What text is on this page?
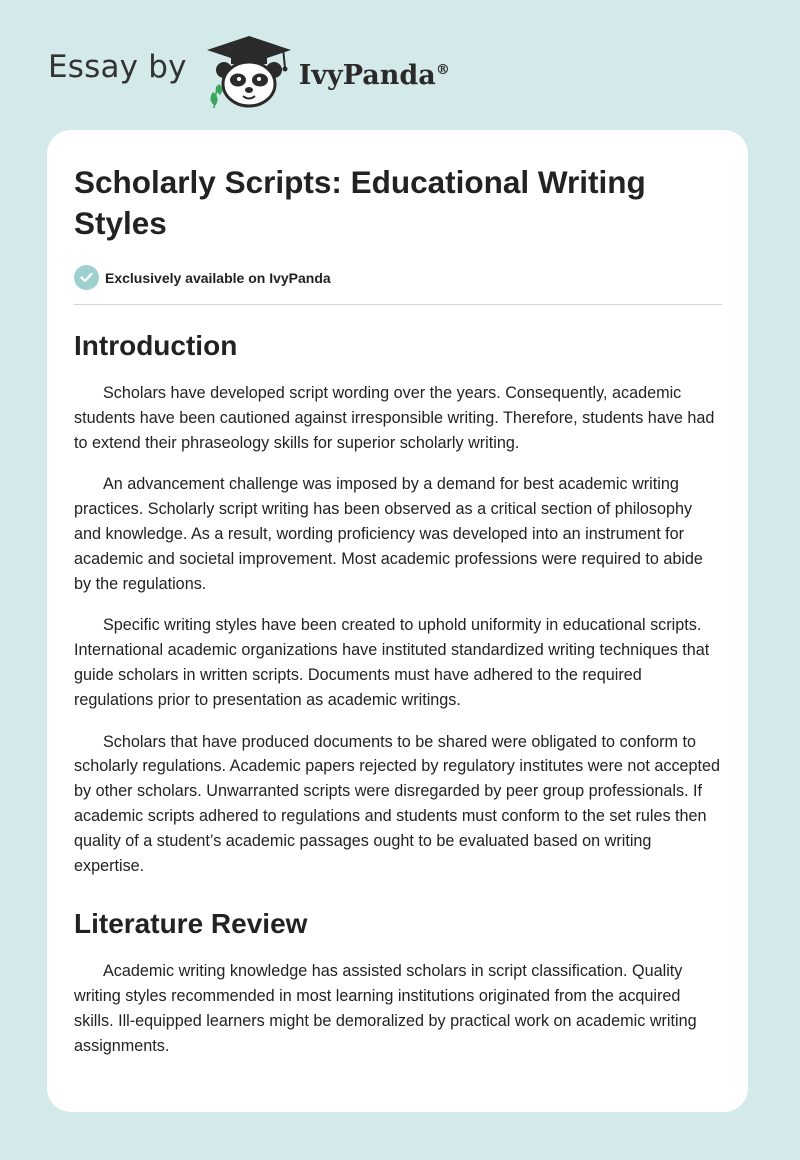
Essay by	IvyPanda®
Scholarly Scripts: Educational Writing Styles
Exclusively available on IvyPanda
Introduction

Scholars have developed script wording over the years. Consequently, academic students have been cautioned against irresponsible writing. Therefore, students have had to extend their phraseology skills for superior scholarly writing.

An advancement challenge was imposed by a demand for best academic writing practices. Scholarly script writing has been observed as a critical section of philosophy and knowledge. As a result, wording proficiency was developed into an instrument for academic and societal improvement. Most academic professions were required to abide by the regulations.

Specific writing styles have been created to uphold uniformity in educational scripts. International academic organizations have instituted standardized writing techniques that guide scholars in written scripts. Documents must have adhered to the required regulations prior to presentation as academic writings.

Scholars that have produced documents to be shared were obligated to conform to scholarly regulations. Academic papers rejected by regulatory institutes were not accepted by other scholars. Unwarranted scripts were disregarded by peer group professionals. If academic scripts adhered to regulations and students must conform to the set rules then quality of a student’s academic passages ought to be evaluated based on writing expertise.

Literature Review

Academic writing knowledge has assisted scholars in script classification. Quality writing styles recommended in most learning institutions originated from the acquired skills. Ill-equipped learners might be demoralized by practical work on academic writing assignments.
